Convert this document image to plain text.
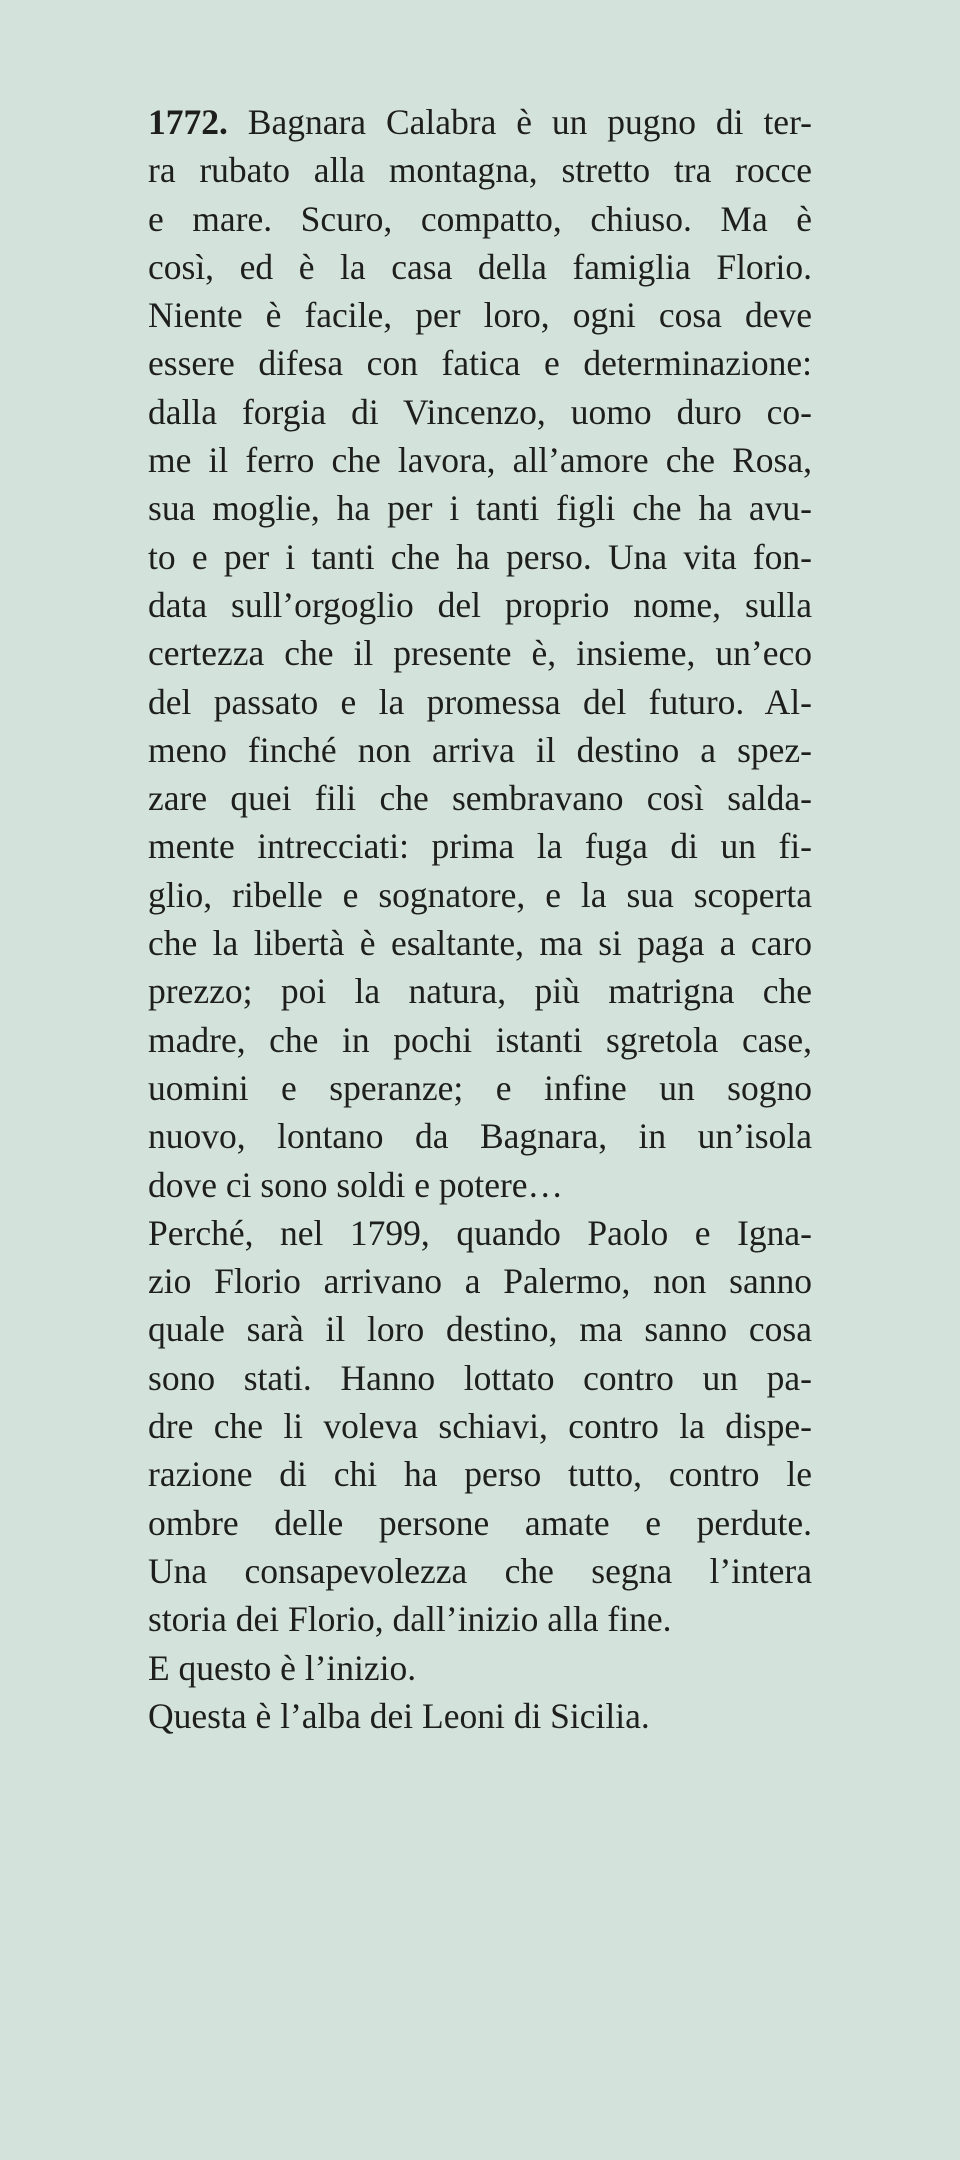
1772. Bagnara Calabra è un pugno di ter-
ra rubato alla montagna, stretto tra rocce
e mare. Scuro, compatto, chiuso. Ma è
così, ed è la casa della famiglia Florio.
Niente è facile, per loro, ogni cosa deve
essere difesa con fatica e determinazione:
dalla forgia di Vincenzo, uomo duro co-
me il ferro che lavora, all’amore che Rosa,
sua moglie, ha per i tanti figli che ha avu-
to e per i tanti che ha perso. Una vita fon-
data sull’orgoglio del proprio nome, sulla
certezza che il presente è, insieme, un’eco
del passato e la promessa del futuro. Al-
meno finché non arriva il destino a spez-
zare quei fili che sembravano così salda-
mente intrecciati: prima la fuga di un fi-
glio, ribelle e sognatore, e la sua scoperta
che la libertà è esaltante, ma si paga a caro
prezzo; poi la natura, più matrigna che
madre, che in pochi istanti sgretola case,
uomini e speranze; e infine un sogno
nuovo, lontano da Bagnara, in un’isola
dove ci sono soldi e potere…
Perché, nel 1799, quando Paolo e Igna-
zio Florio arrivano a Palermo, non sanno
quale sarà il loro destino, ma sanno cosa
sono stati. Hanno lottato contro un pa-
dre che li voleva schiavi, contro la dispe-
razione di chi ha perso tutto, contro le
ombre delle persone amate e perdute.
Una consapevolezza che segna l’intera
storia dei Florio, dall’inizio alla fine.
E questo è l’inizio.
Questa è l’alba dei Leoni di Sicilia.
